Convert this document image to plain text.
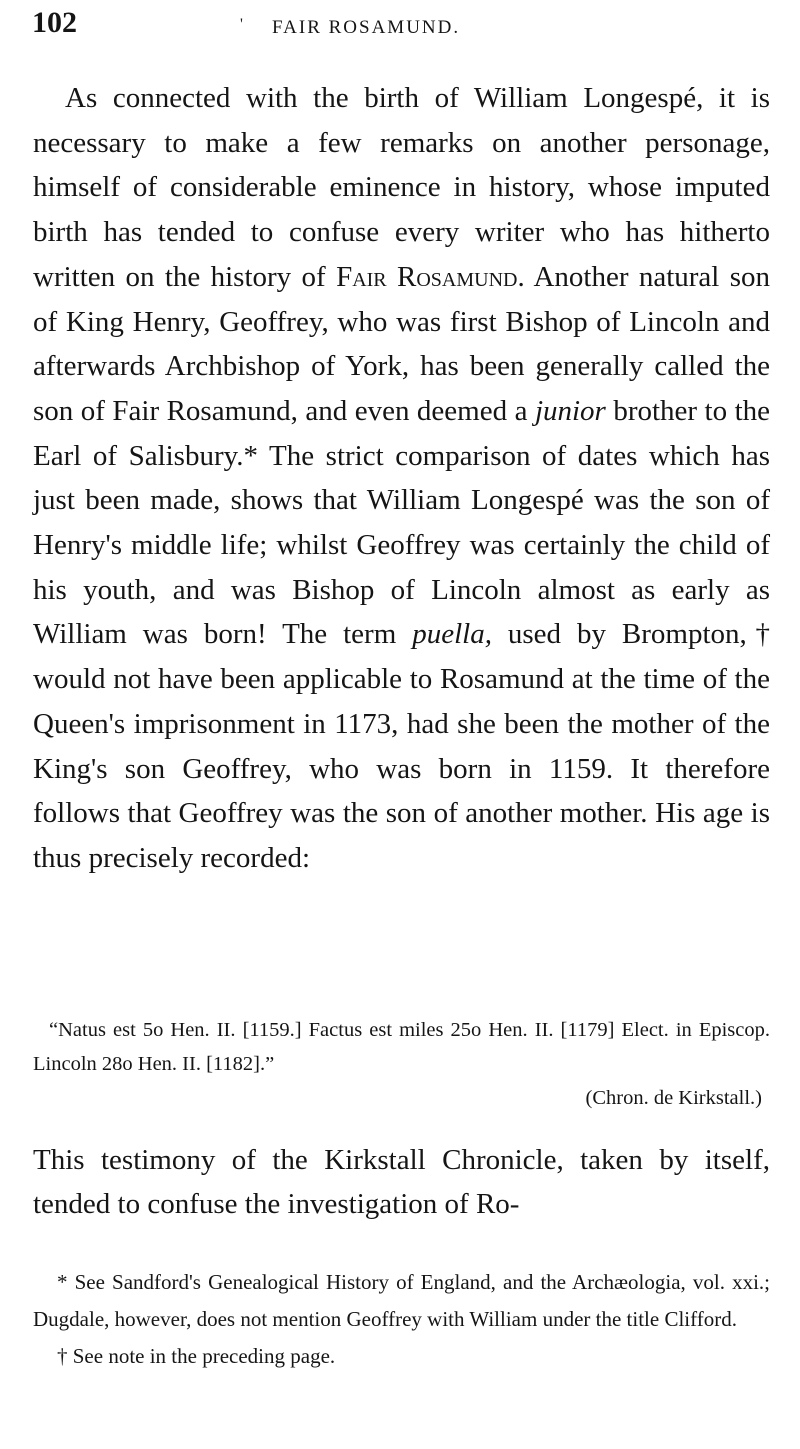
102	' FAIR ROSAMUND.

As connected with the birth of William Longespé, it is necessary to make a few remarks on another personage, himself of considerable eminence in history, whose imputed birth has tended to confuse every writer who has hitherto written on the history of Fair Rosamund. Another natural son of King Henry, Geoffrey, who was first Bishop of Lincoln and afterwards Archbishop of York, has been generally called the son of Fair Rosamund, and even deemed a junior brother to the Earl of Salisbury.* The strict comparison of dates which has just been made, shows that William Longespé was the son of Henry's middle life; whilst Geoffrey was certainly the child of his youth, and was Bishop of Lincoln almost as early as William was born! The term puella, used by Brompton,† would not have been applicable to Rosamund at the time of the Queen's imprisonment in 1173, had she been the mother of the King's son Geoffrey, who was born in 1159. It therefore follows that Geoffrey was the son of another mother. His age is thus precisely recorded:

“Natus est 5o Hen. II. [1159.] Factus est miles 25o Hen. II. [1179] Elect. in Episcop. Lincoln 28o Hen. II. [1182].”

(Chron. de Kirkstall.)

This testimony of the Kirkstall Chronicle, taken by itself, tended to confuse the investigation of Ro-

* See Sandford's Genealogical History of England, and the Archæologia, vol. xxi.; Dugdale, however, does not mention Geoffrey with William under the title Clifford.

† See note in the preceding page.
